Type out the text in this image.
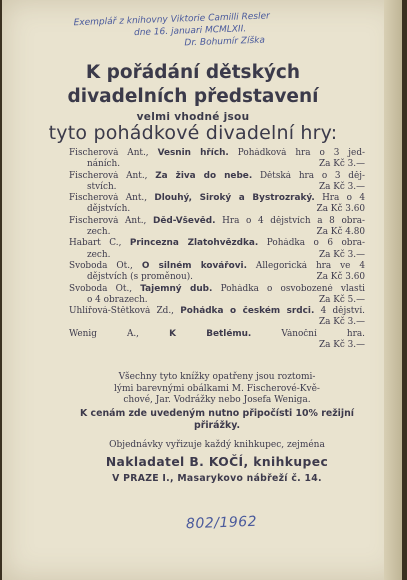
Exemplář z knihovny Viktorie Camilli Resler
dne 16. januari MCMLXII.
Dr. Bohumír Zíška
K pořádání dětských
divadelních představení
velmi vhodné jsou
tyto pohádkové divadelní hry:
Fischerová Ant., Vesnin hřích. Pohádková hra o 3 jed-
náních.	Za Kč 3.—
Fischerová Ant., Za živa do nebe. Dětská hra o 3 děj-
stvích.	Za Kč 3.—
Fischerová Ant., Dlouhý, Široký a Bystrozraký. Hra o 4
dějstvích.	Za Kč 3.60
Fischerová Ant., Děd-Vševěd. Hra o 4 dějstvích a 8 obra-
zech.	Za Kč 4.80
Habart Č., Princezna Zlatohvězdka. Pohádka o 6 obra-
zech.	Za Kč 3.—
Svoboda Ot., O silném kovářovi. Allegorická hra ve 4
dějstvích (s proměnou).	Za Kč 3.60
Svoboda Ot., Tajemný dub. Pohádka o osvobozené vlasti
o 4 obrazech.	Za Kč 5.—
Uhlířová-Štětková Zd., Pohádka o českém srdci. 4 dějství.
Za Kč 3.—
Wenig A.,	K Betlému.	Vánoční hra.
Za Kč 3.—
Všechny tyto knížky opatřeny jsou roztomi-
lými barevnými obálkami M. Fischerové-Kvě-
chové, Jar. Vodrážky nebo Josefa Weniga.
K cenám zde uvedeným nutno připočísti 10% režijní
přirážky.
Objednávky vyřizuje každý knihkupec, zejména
Nakladatel B. KOČÍ, knihkupec
V PRAZE I., Masarykovo nábřeží č. 14.
802/1962
